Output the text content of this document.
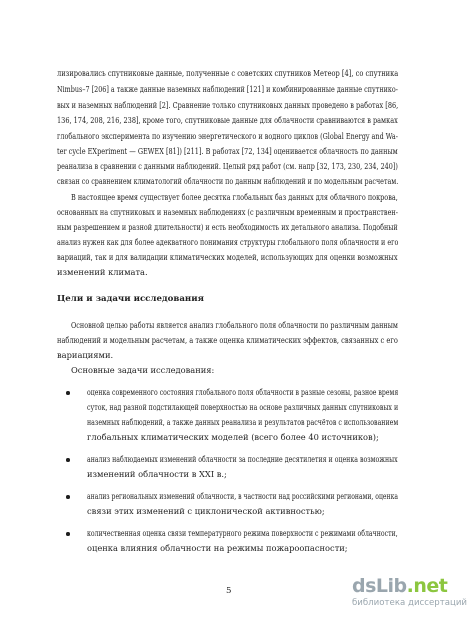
лизировались спутниковые данные, полученные с советских спутников Метеор [4], со спутника
Nimbus–7 [206] а также данные наземных наблюдений [121] и комбинированные данные спутнико-
вых и наземных наблюдений [2]. Сравнение только спутниковых данных проведено в работах [86,
136, 174, 208, 216, 238], кроме того, спутниковые данные для облачности сравниваются в рамках
глобального эксперимента по изучению энергетического и водного циклов (Global Energy and Wa-
ter cycle EXperiment — GEWEX [81]) [211]. В работах [72, 134] оценивается облачность по данным
реанализа в сравнении с данными наблюдений. Целый ряд работ (см. напр [32, 173, 230, 234, 240])
связан со сравнением климатологий облачности по данным наблюдений и по модельным расчетам.
В настоящее время существует более десятка глобальных баз данных для облачного покрова,
основанных на спутниковых и наземных наблюдениях (с различным временным и пространствен-
ным разрешением и разной длительности) и есть необходимость их детального анализа. Подобный
анализ нужен как для более адекватного понимания структуры глобального поля облачности и его
вариаций, так и для валидации климатических моделей, использующих для оценки возможных
изменений климата.
Цели и задачи исследования
Основной целью работы является анализ глобального поля облачности по различным данным
наблюдений и модельным расчетам, а также оценка климатических эффектов, связанных с его
вариациями.
Основные задачи исследования:
оценка современного состояния глобального поля облачности в разные сезоны, разное время
суток, над разной подстилающей поверхностью на основе различных данных спутниковых и
наземных наблюдений, а также данных реанализа и результатов расчётов с использованием
глобальных климатических моделей (всего более 40 источников);
анализ наблюдаемых изменений облачности за последние десятилетия и оценка возможных
изменений облачности в XXI в.;
анализ региональных изменений облачности, в частности над российскими регионами, оценка
связи этих изменений с циклонической активностью;
количественная оценка связи температурного режима поверхности с режимами облачности,
оценка влияния облачности на режимы пожароопасности;
5	dsLib.net
библиотека диссертаций
